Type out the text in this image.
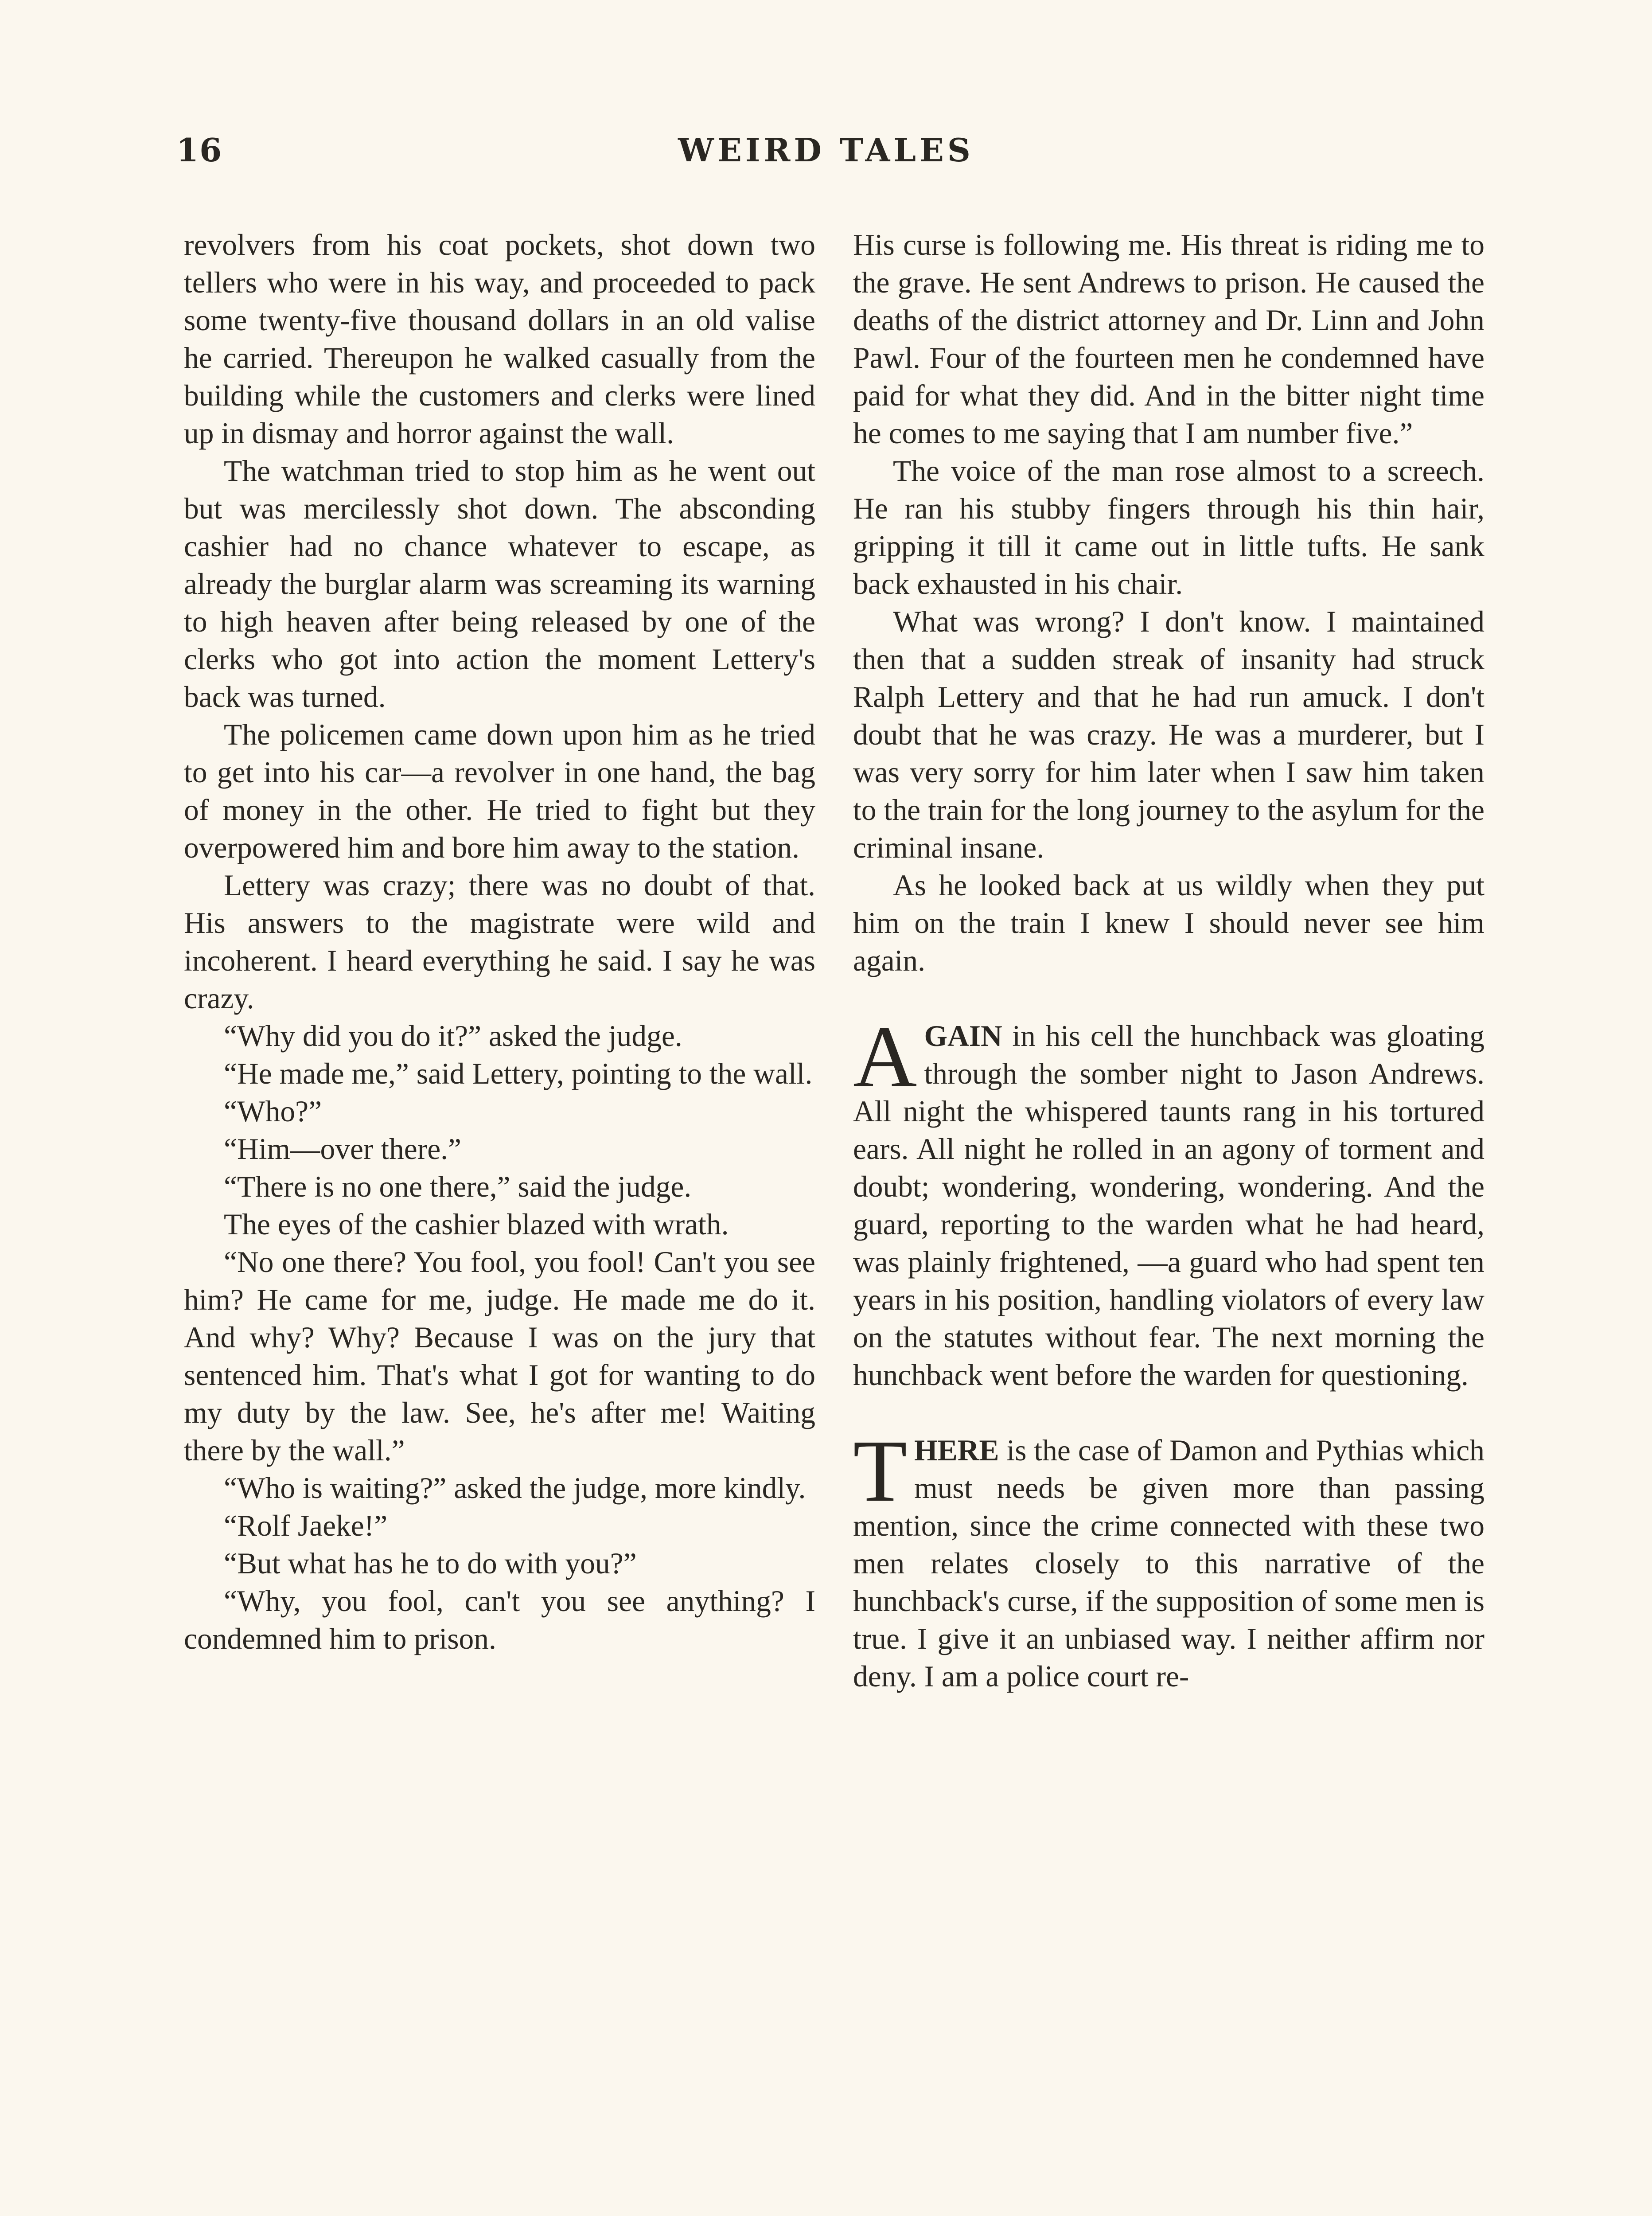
16	WEIRD TALES

revolvers from his coat pockets, shot down two tellers who were in his way, and proceeded to pack some twenty-five thousand dollars in an old valise he carried. Thereupon he walked casually from the building while the customers and clerks were lined up in dismay and horror against the wall.

The watchman tried to stop him as he went out but was mercilessly shot down. The absconding cashier had no chance whatever to escape, as already the burglar alarm was screaming its warning to high heaven after being released by one of the clerks who got into action the moment Lettery's back was turned.

The policemen came down upon him as he tried to get into his car—a revolver in one hand, the bag of money in the other. He tried to fight but they overpowered him and bore him away to the station.

Lettery was crazy; there was no doubt of that. His answers to the magistrate were wild and incoherent. I heard everything he said. I say he was crazy.

“Why did you do it?” asked the judge.

“He made me,” said Lettery, pointing to the wall.

“Who?”

“Him—over there.”

“There is no one there,” said the judge.

The eyes of the cashier blazed with wrath.

“No one there? You fool, you fool! Can't you see him? He came for me, judge. He made me do it. And why? Why? Because I was on the jury that sentenced him. That's what I got for wanting to do my duty by the law. See, he's after me! Waiting there by the wall.”

“Who is waiting?” asked the judge, more kindly.

“Rolf Jaeke!”

“But what has he to do with you?”

“Why, you fool, can't you see anything? I condemned him to prison.

His curse is following me. His threat is riding me to the grave. He sent Andrews to prison. He caused the deaths of the district attorney and Dr. Linn and John Pawl. Four of the fourteen men he condemned have paid for what they did. And in the bitter night time he comes to me saying that I am number five.”

The voice of the man rose almost to a screech. He ran his stubby fingers through his thin hair, gripping it till it came out in little tufts. He sank back exhausted in his chair.

What was wrong? I don't know. I maintained then that a sudden streak of insanity had struck Ralph Lettery and that he had run amuck. I don't doubt that he was crazy. He was a murderer, but I was very sorry for him later when I saw him taken to the train for the long journey to the asylum for the criminal insane.

As he looked back at us wildly when they put him on the train I knew I should never see him again.

AGAIN in his cell the hunchback was gloating through the somber night to Jason Andrews. All night the whispered taunts rang in his tortured ears. All night he rolled in an agony of torment and doubt; wondering, wondering, wondering. And the guard, reporting to the warden what he had heard, was plainly frightened, —a guard who had spent ten years in his position, handling violators of every law on the statutes without fear. The next morning the hunchback went before the warden for questioning.

THERE is the case of Damon and Pythias which must needs be given more than passing mention, since the crime connected with these two men relates closely to this narrative of the hunchback's curse, if the supposition of some men is true. I give it an unbiased way. I neither affirm nor deny. I am a police court re-
